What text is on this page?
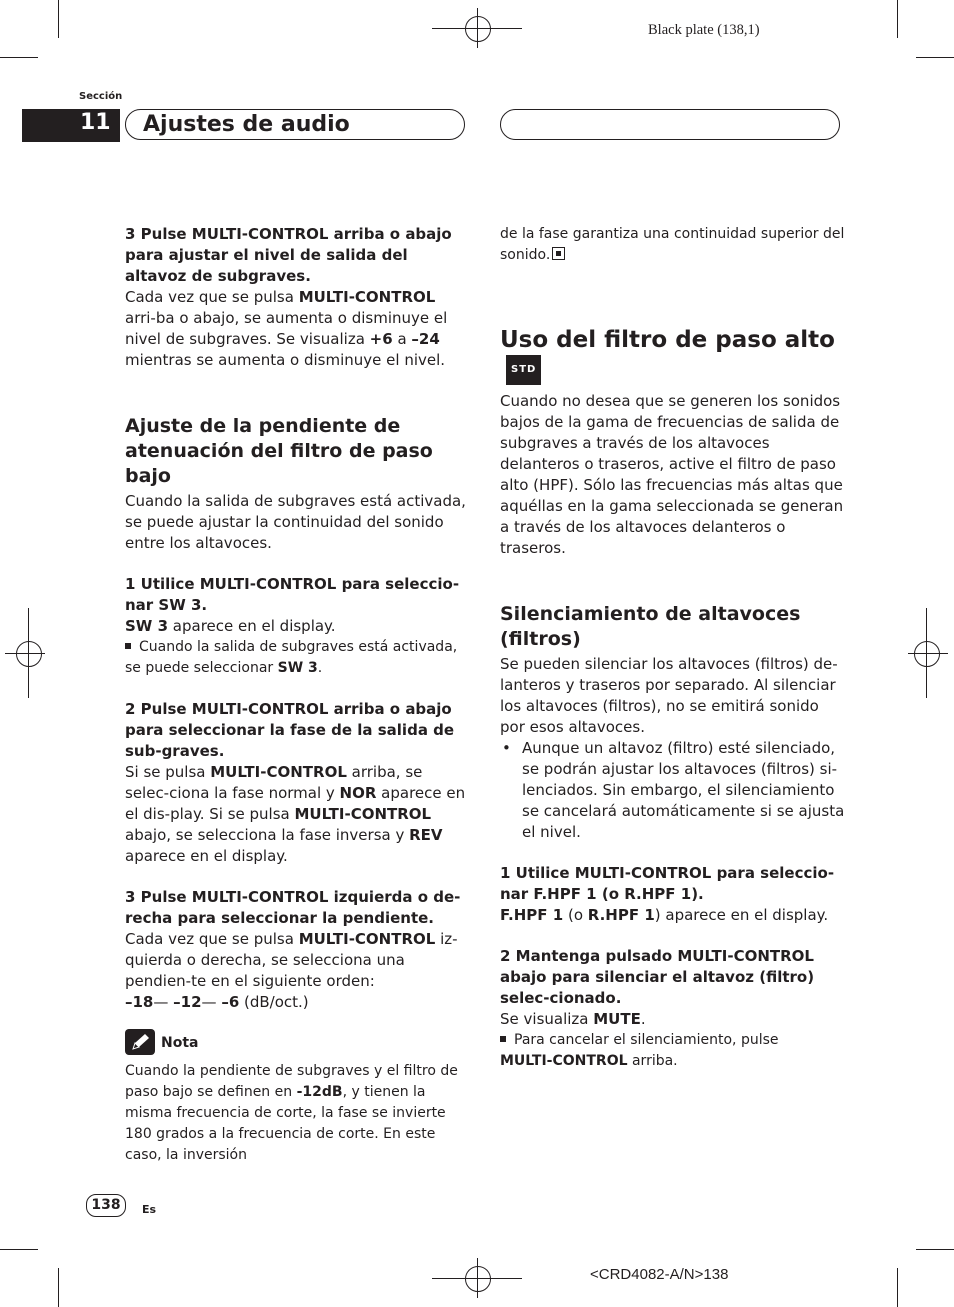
Black plate (138,1)
Sección
11 Ajustes de audio

3 Pulse MULTI-CONTROL arriba o abajo para ajustar el nivel de salida del altavoz de subgraves.

Cada vez que se pulsa MULTI-CONTROL arri-ba o abajo, se aumenta o disminuye el nivel de subgraves. Se visualiza +6 a –24 mientras se aumenta o disminuye el nivel.

Ajuste de la pendiente de atenuación del filtro de paso bajo

Cuando la salida de subgraves está activada, se puede ajustar la continuidad del sonido entre los altavoces.

1 Utilice MULTI-CONTROL para seleccio-nar SW 3.

SW 3 aparece en el display.

Cuando la salida de subgraves está activada, se puede seleccionar SW 3.

2 Pulse MULTI-CONTROL arriba o abajo para seleccionar la fase de la salida de sub-graves.

Si se pulsa MULTI-CONTROL arriba, se selec-ciona la fase normal y NOR aparece en el dis-play. Si se pulsa MULTI-CONTROL abajo, se selecciona la fase inversa y REV aparece en el display.

3 Pulse MULTI-CONTROL izquierda o de-recha para seleccionar la pendiente.

Cada vez que se pulsa MULTI-CONTROL iz-quierda o derecha, se selecciona una pendien-te en el siguiente orden:

–18— –12— –6 (dB/oct.)

Nota

Cuando la pendiente de subgraves y el filtro de paso bajo se definen en -12dB, y tienen la misma frecuencia de corte, la fase se invierte 180 grados a la frecuencia de corte. En este caso, la inversión

de la fase garantiza una continuidad superior del sonido.

Uso del filtro de paso altoSTD

Cuando no desea que se generen los sonidos bajos de la gama de frecuencias de salida de subgraves a través de los altavoces delanteros o traseros, active el filtro de paso alto (HPF). Sólo las frecuencias más altas que aquéllas en la gama seleccionada se generan a través de los altavoces delanteros o traseros.

Silenciamiento de altavoces (filtros)

Se pueden silenciar los altavoces (filtros) de-lanteros y traseros por separado. Al silenciar los altavoces (filtros), no se emitirá sonido por esos altavoces.

• Aunque un altavoz (filtro) esté silenciado, se podrán ajustar los altavoces (filtros) si-lenciados. Sin embargo, el silenciamiento se cancelará automáticamente si se ajusta el nivel.

1 Utilice MULTI-CONTROL para seleccio-nar F.HPF 1 (o R.HPF 1).

F.HPF 1 (o R.HPF 1) aparece en el display.

2 Mantenga pulsado MULTI-CONTROL abajo para silenciar el altavoz (filtro) selec-cionado.

Se visualiza MUTE.

Para cancelar el silenciamiento, pulse
MULTI-CONTROL arriba.

138	Es
<CRD4082-A/N>138
